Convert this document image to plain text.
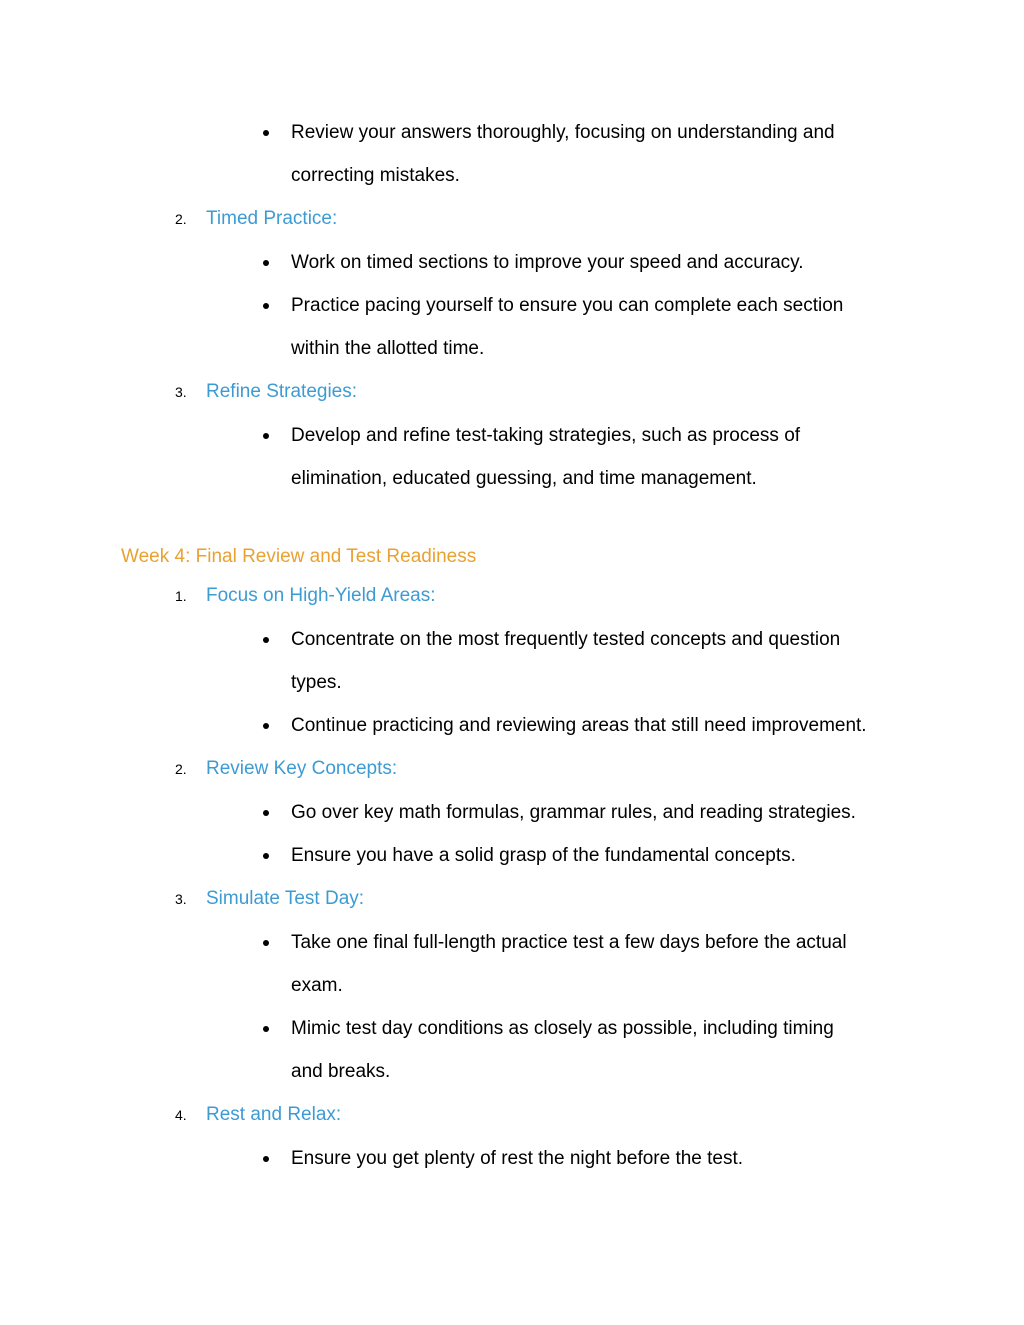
Review your answers thoroughly, focusing on understanding and
correcting mistakes.
2. Timed Practice:
Work on timed sections to improve your speed and accuracy.
Practice pacing yourself to ensure you can complete each section
within the allotted time.
3. Refine Strategies:
Develop and refine test-taking strategies, such as process of
elimination, educated guessing, and time management.
Week 4: Final Review and Test Readiness
1. Focus on High-Yield Areas:
Concentrate on the most frequently tested concepts and question
types.
Continue practicing and reviewing areas that still need improvement.
2. Review Key Concepts:
Go over key math formulas, grammar rules, and reading strategies.
Ensure you have a solid grasp of the fundamental concepts.
3. Simulate Test Day:
Take one final full-length practice test a few days before the actual
exam.
Mimic test day conditions as closely as possible, including timing
and breaks.
4. Rest and Relax:
Ensure you get plenty of rest the night before the test.
